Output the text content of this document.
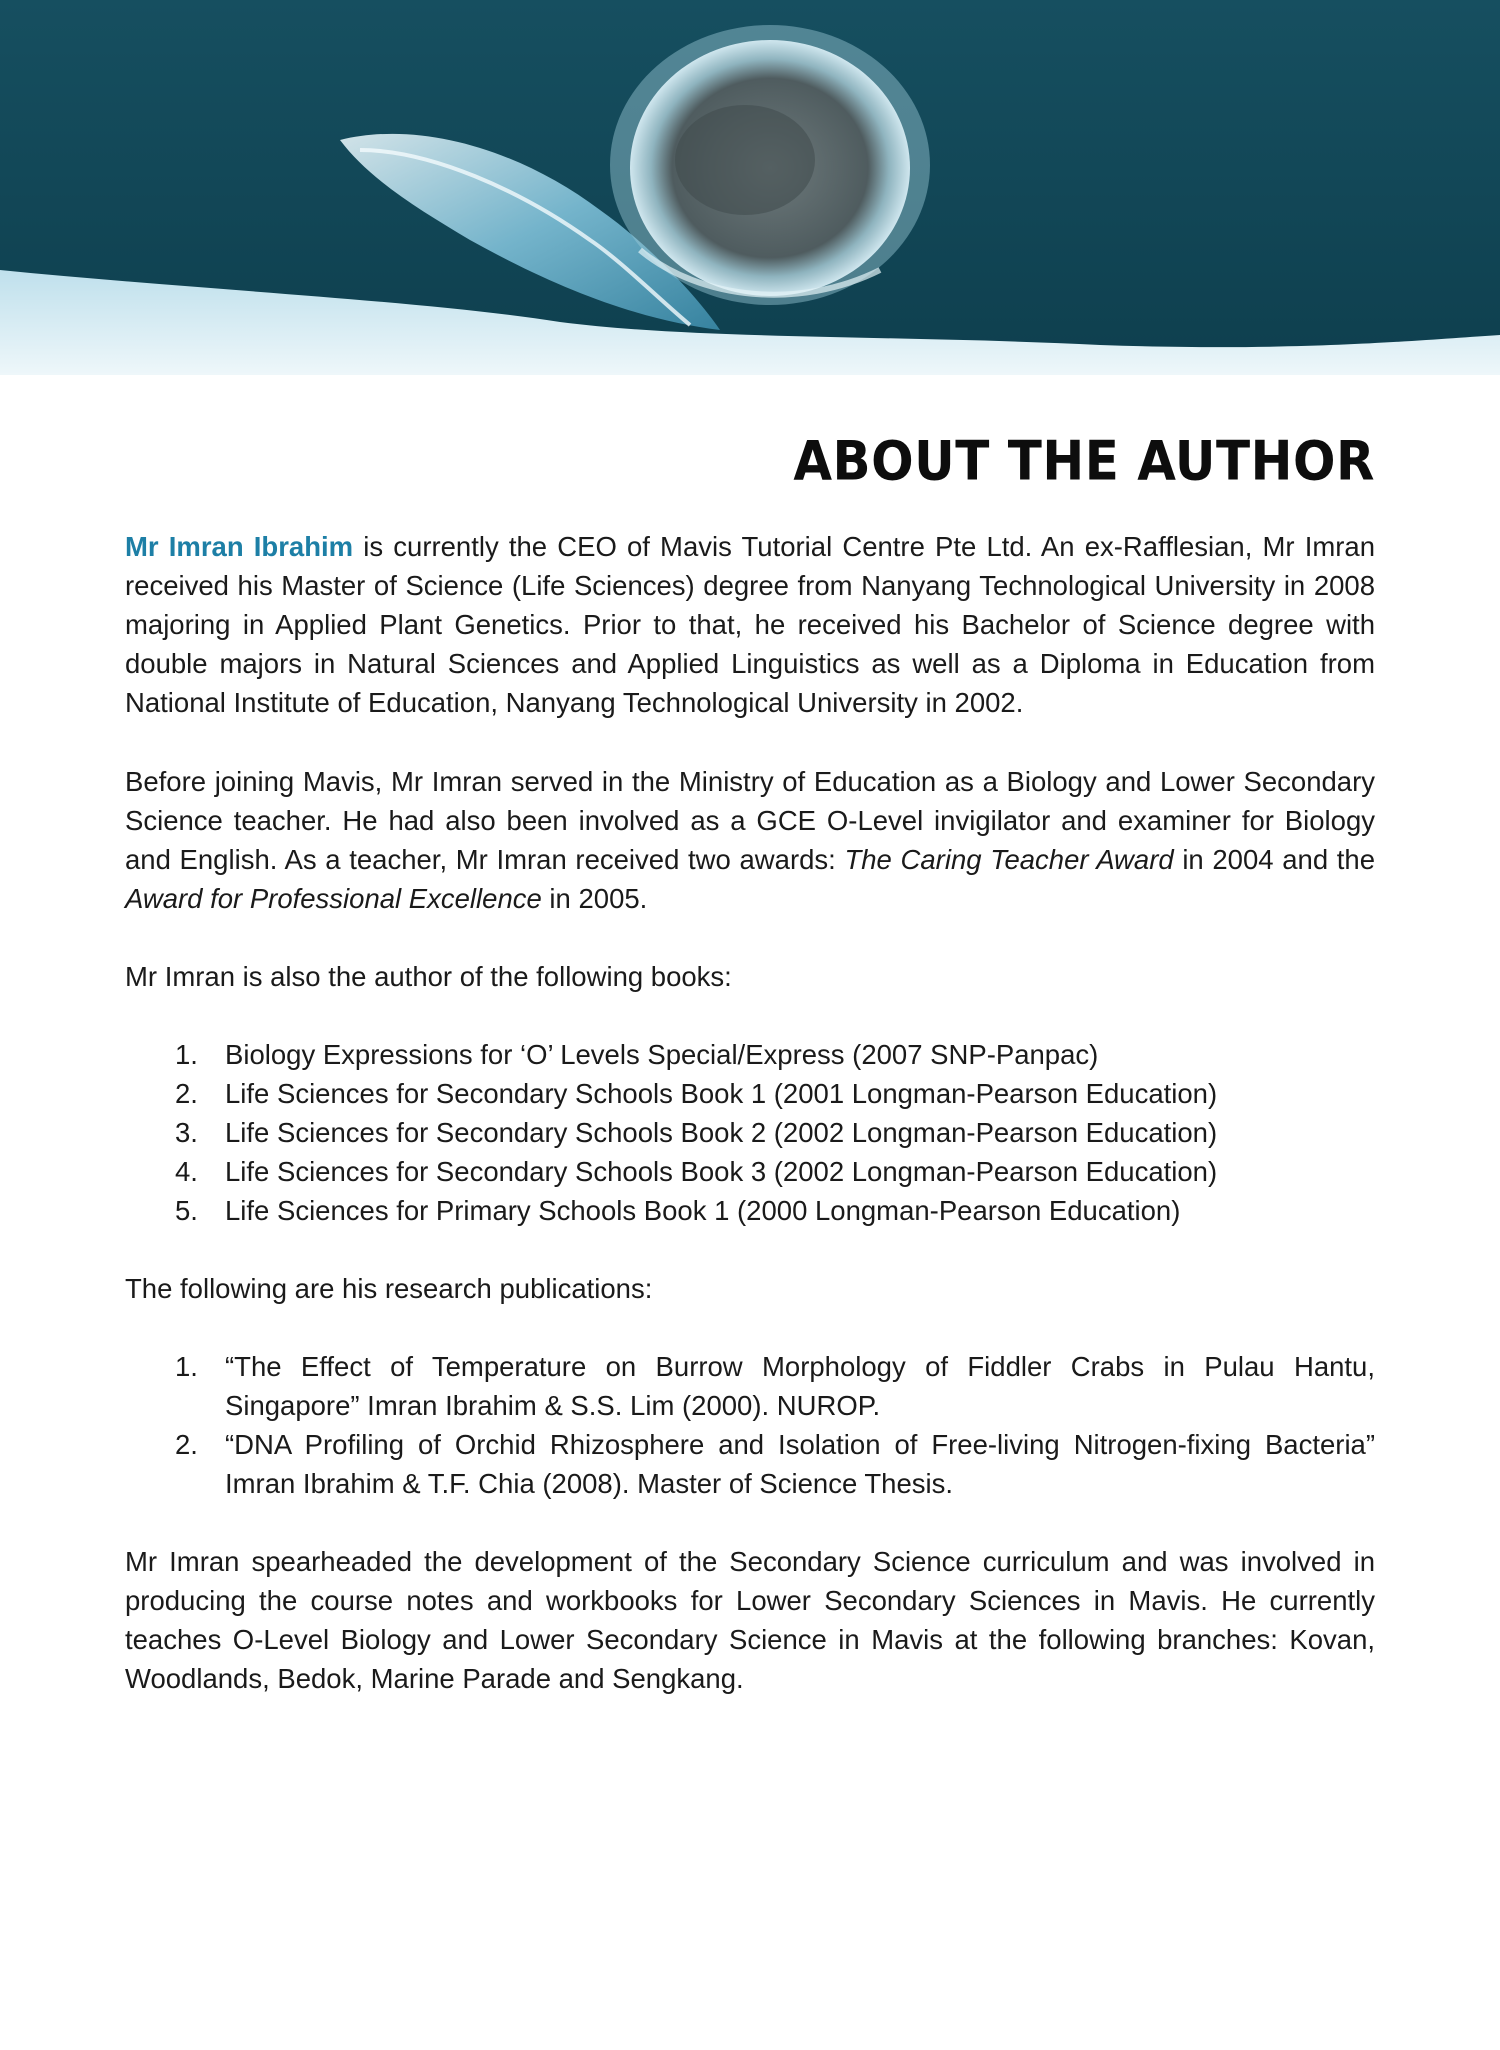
ABOUT THE AUTHOR

Mr Imran Ibrahim is currently the CEO of Mavis Tutorial Centre Pte Ltd. An ex-Rafflesian, Mr Imran received his Master of Science (Life Sciences) degree from Nanyang Technological University in 2008 majoring in Applied Plant Genetics. Prior to that, he received his Bachelor of Science degree with double majors in Natural Sciences and Applied Linguistics as well as a Diploma in Education from National Institute of Education, Nanyang Technological University in 2002.

Before joining Mavis, Mr Imran served in the Ministry of Education as a Biology and Lower Secondary Science teacher. He had also been involved as a GCE O-Level invigilator and examiner for Biology and English. As a teacher, Mr Imran received two awards: The Caring Teacher Award in 2004 and the Award for Professional Excellence in 2005.

Mr Imran is also the author of the following books:

1. Biology Expressions for ‘O’ Levels Special/Express (2007 SNP-Panpac)
2. Life Sciences for Secondary Schools Book 1 (2001 Longman-Pearson Education)
3. Life Sciences for Secondary Schools Book 2 (2002 Longman-Pearson Education)
4. Life Sciences for Secondary Schools Book 3 (2002 Longman-Pearson Education)
5. Life Sciences for Primary Schools Book 1 (2000 Longman-Pearson Education)

The following are his research publications:

1. “The Effect of Temperature on Burrow Morphology of Fiddler Crabs in Pulau Hantu, Singapore” Imran Ibrahim & S.S. Lim (2000). NUROP.
2. “DNA Profiling of Orchid Rhizosphere and Isolation of Free-living Nitrogen-fixing Bacteria” Imran Ibrahim & T.F. Chia (2008). Master of Science Thesis.

Mr Imran spearheaded the development of the Secondary Science curriculum and was involved in producing the course notes and workbooks for Lower Secondary Sciences in Mavis. He currently teaches O-Level Biology and Lower Secondary Science in Mavis at the following branches: Kovan, Woodlands, Bedok, Marine Parade and Sengkang.
